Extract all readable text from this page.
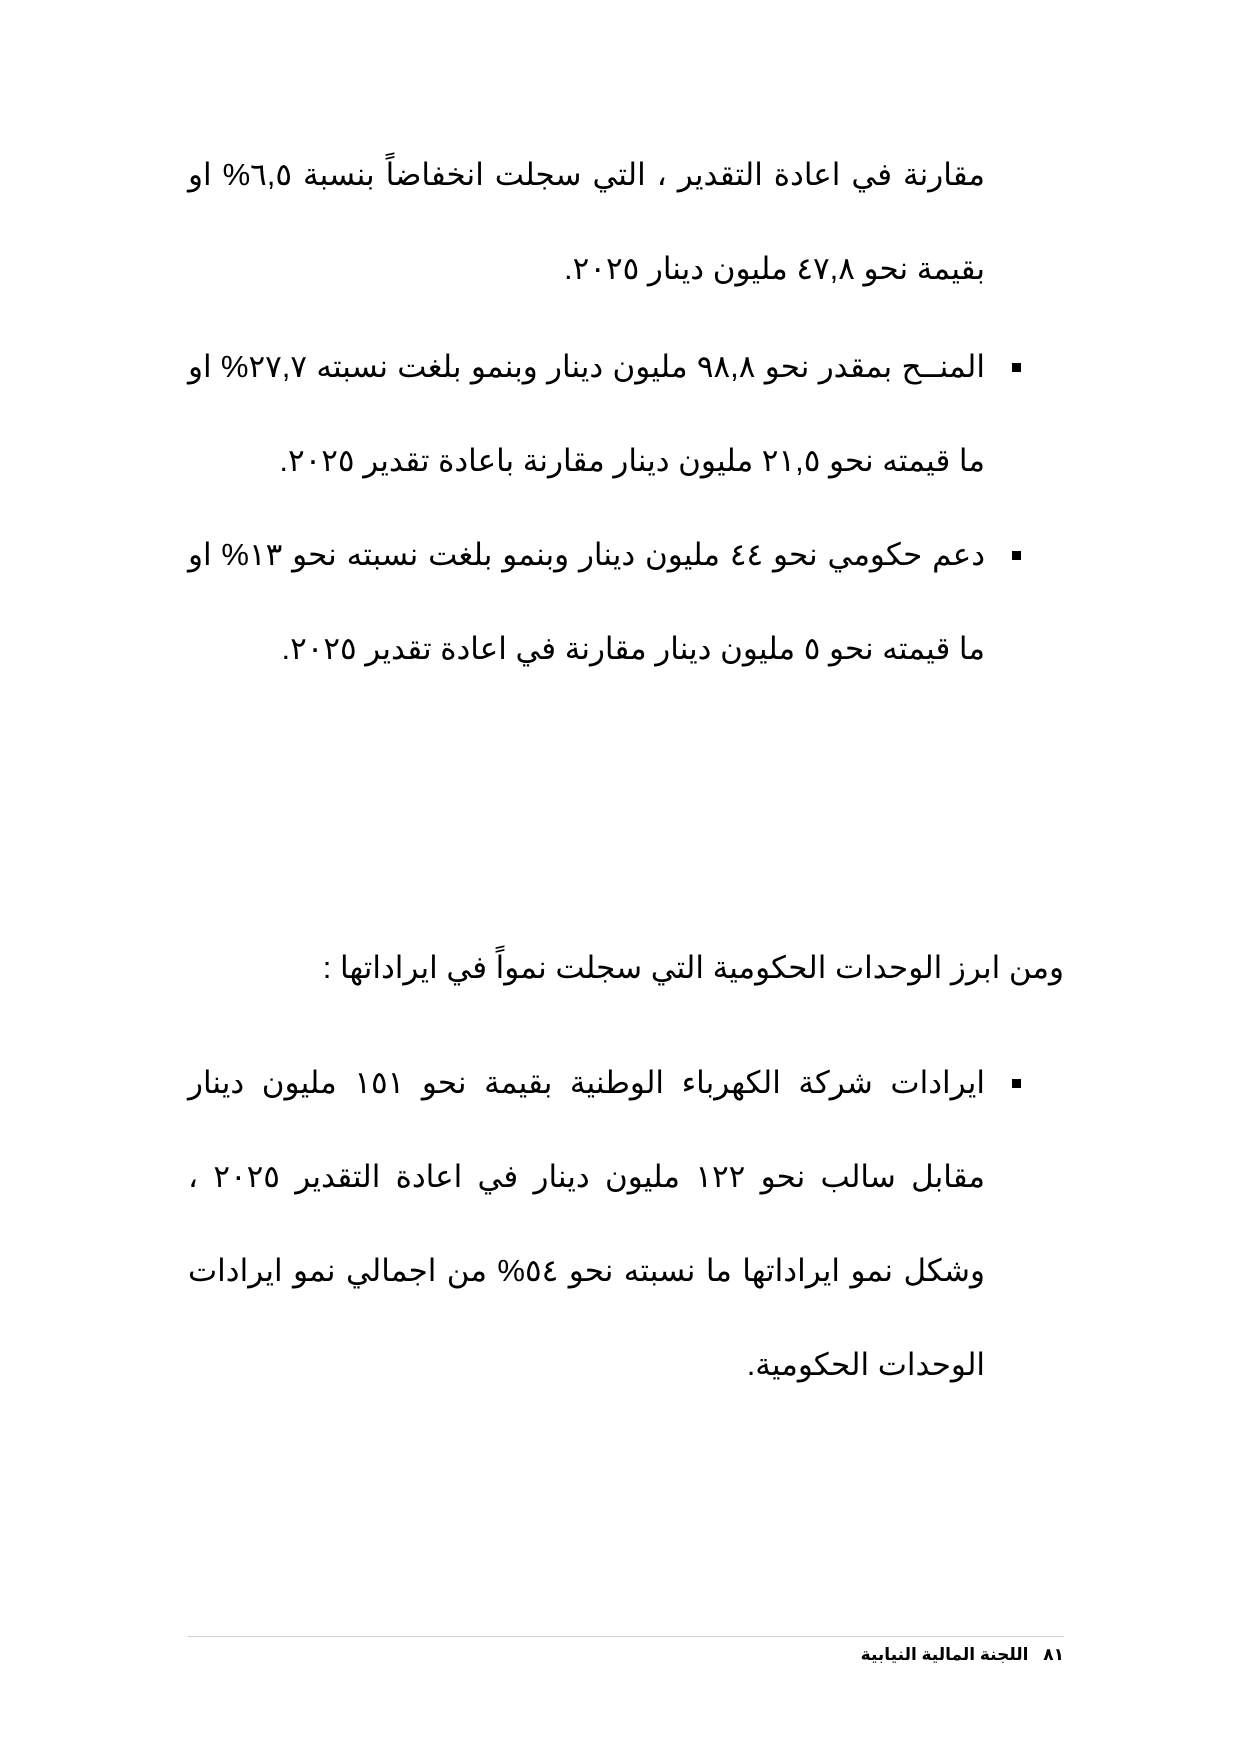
مقارنة في اعادة التقدير ، التي سجلت انخفاضاً بنسبة ٦,٥% او بقيمة نحو ٤٧,٨ مليون دينار ٢٠٢٥.

المنــح بمقدر نحو ٩٨,٨ مليون دينار وبنمو بلغت نسبته ٢٧,٧% او ما قيمته نحو ٢١,٥ مليون دينار مقارنة باعادة تقدير ٢٠٢٥.
دعم حكومي نحو ٤٤ مليون دينار وبنمو بلغت نسبته نحو ١٣% او ما قيمته نحو ٥ مليون دينار مقارنة في اعادة تقدير ٢٠٢٥.

ومن ابرز الوحدات الحكومية التي سجلت نمواً في ايراداتها :

ايرادات شركة الكهرباء الوطنية بقيمة نحو ١٥١ مليون دينار مقابل سالب نحو ١٢٢ مليون دينار في اعادة التقدير ٢٠٢٥ ، وشكل نمو ايراداتها ما نسبته نحو ٥٤% من اجمالي نمو ايرادات الوحدات الحكومية.
٨١ اللجنة المالية النيابية
